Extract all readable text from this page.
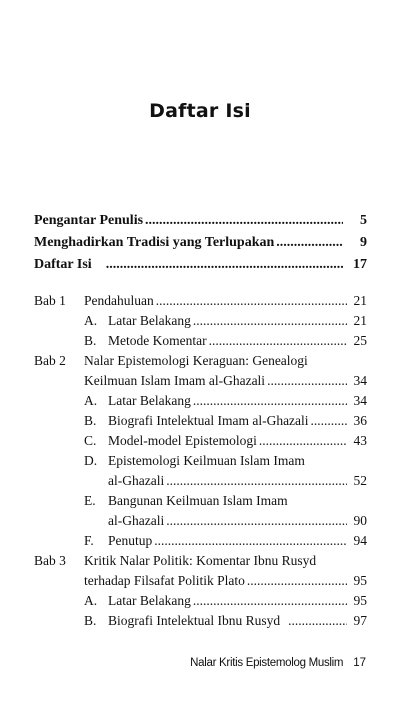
Daftar Isi
Pengantar Penulis .....	5
Menghadirkan Tradisi yang Terlupakan .....	9
Daftar Isi .....	17
Bab 1 Pendahuluan .....	21
A. Latar Belakang .....	21
B. Metode Komentar .....	25
Bab 2 Nalar Epistemologi Keraguan: Genealogi
Keilmuan Islam Imam al-Ghazali .....	34
A. Latar Belakang .....	34
B. Biografi Intelektual Imam al-Ghazali .....	36
C. Model-model Epistemologi .....	43
D. Epistemologi Keilmuan Islam Imam
al-Ghazali .....	52
E. Bangunan Keilmuan Islam Imam
al-Ghazali .....	90
F. Penutup .....	94
Bab 3 Kritik Nalar Politik: Komentar Ibnu Rusyd
terhadap Filsafat Politik Plato .....	95
A. Latar Belakang .....	95
B. Biografi Intelektual Ibnu Rusyd .....	97
Nalar Kritis Epistemolog Muslim 17
